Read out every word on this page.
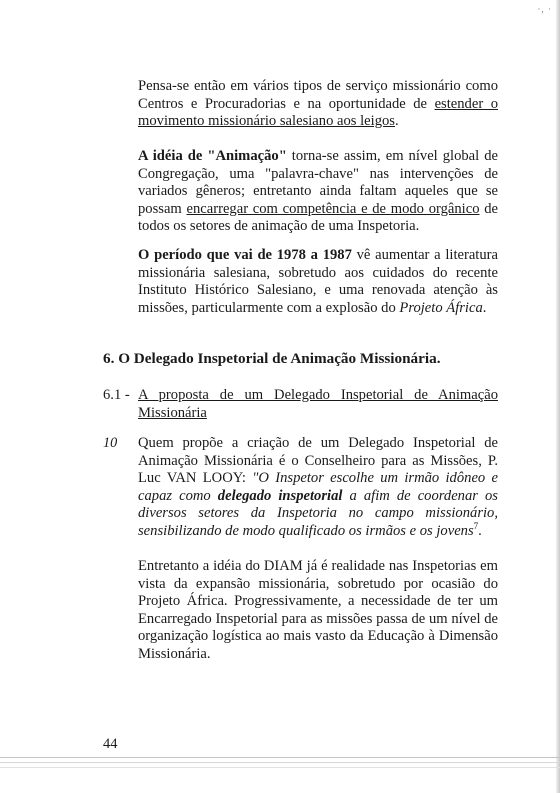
·, ·

Pensa-se então em vários tipos de serviço missionário como Centros e Procuradorias e na oportunidade de estender o movimento missionário salesiano aos leigos.

A idéia de "Animação" torna-se assim, em nível global de Congregação, uma "palavra-chave" nas intervenções de variados gêneros; entretanto ainda faltam aqueles que se possam encarregar com competência e de modo orgânico de todos os setores de animação de uma Inspetoria.

O período que vai de 1978 a 1987 vê aumentar a literatura missionária salesiana, sobretudo aos cuidados do recente Instituto Histórico Salesiano, e uma renovada atenção às missões, particularmente com a explosão do Projeto África.

6. O Delegado Inspetorial de Animação Missionária.
6.1 - A proposta de um Delegado Inspetorial de Animação Missionária

10 Quem propõe a criação de um Delegado Inspetorial de Animação Missionária é o Conselheiro para as Missões, P. Luc VAN LOOY: "O Inspetor escolhe um irmão idôneo e capaz como delegado inspetorial a afim de coordenar os diversos setores da Inspetoria no campo missionário, sensibilizando de modo qualificado os irmãos e os jovens$^7$.

Entretanto a idéia do DIAM já é realidade nas Inspetorias em vista da expansão missionária, sobretudo por ocasião do Projeto África. Progressivamente, a necessidade de ter um Encarregado Inspetorial para as missões passa de um nível de organização logística ao mais vasto da Educação à Dimensão Missionária.

44
